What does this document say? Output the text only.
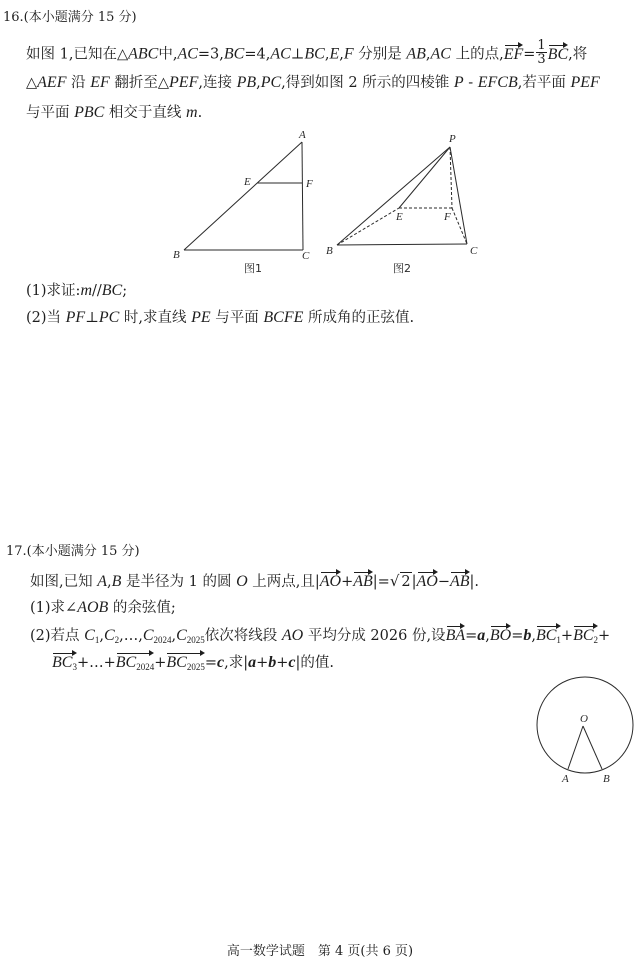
16.(本小题满分 15 分)
如图 1,已知在△ABC中,AC=3,BC=4,AC⊥BC,E,F 分别是 AB,AC 上的点$,EF= \frac{1}{3}$ BC,将
△AEF 沿 EF 翻折至△PEF,连接 PB,PC,得到如图 2 所示的四棱锥 P - EFCB,若平面 PEF
与平面 PBC 相交于直线 m.
A
E	F
B	C
图1
P
E	F
B	C
图2
O
A	B
(1)求证:m//BC;
(2)当 PF⊥PC 时,求直线 PE 与平面 BCFE 所成角的正弦值.
17.(本小题满分 15 分)
如图,已知 A,B 是半径为 1 的圆 O 上两点,且|AO+AB|=√ 2|AO−AB|.
(1)求∠AOB 的余弦值;
(2)若点 $C_1,C_2,\dots,C_{2024},C_{2025}$依次将线段 AO 平均分成 2026 份,设$BA=a,BO=b,BC_1+BC_2+$
$BC_3+\dots+BC_{2024}+BC_{2025}=c$,求|a+b+c|的值.
高一数学试题　第 4 页(共 6 页)
